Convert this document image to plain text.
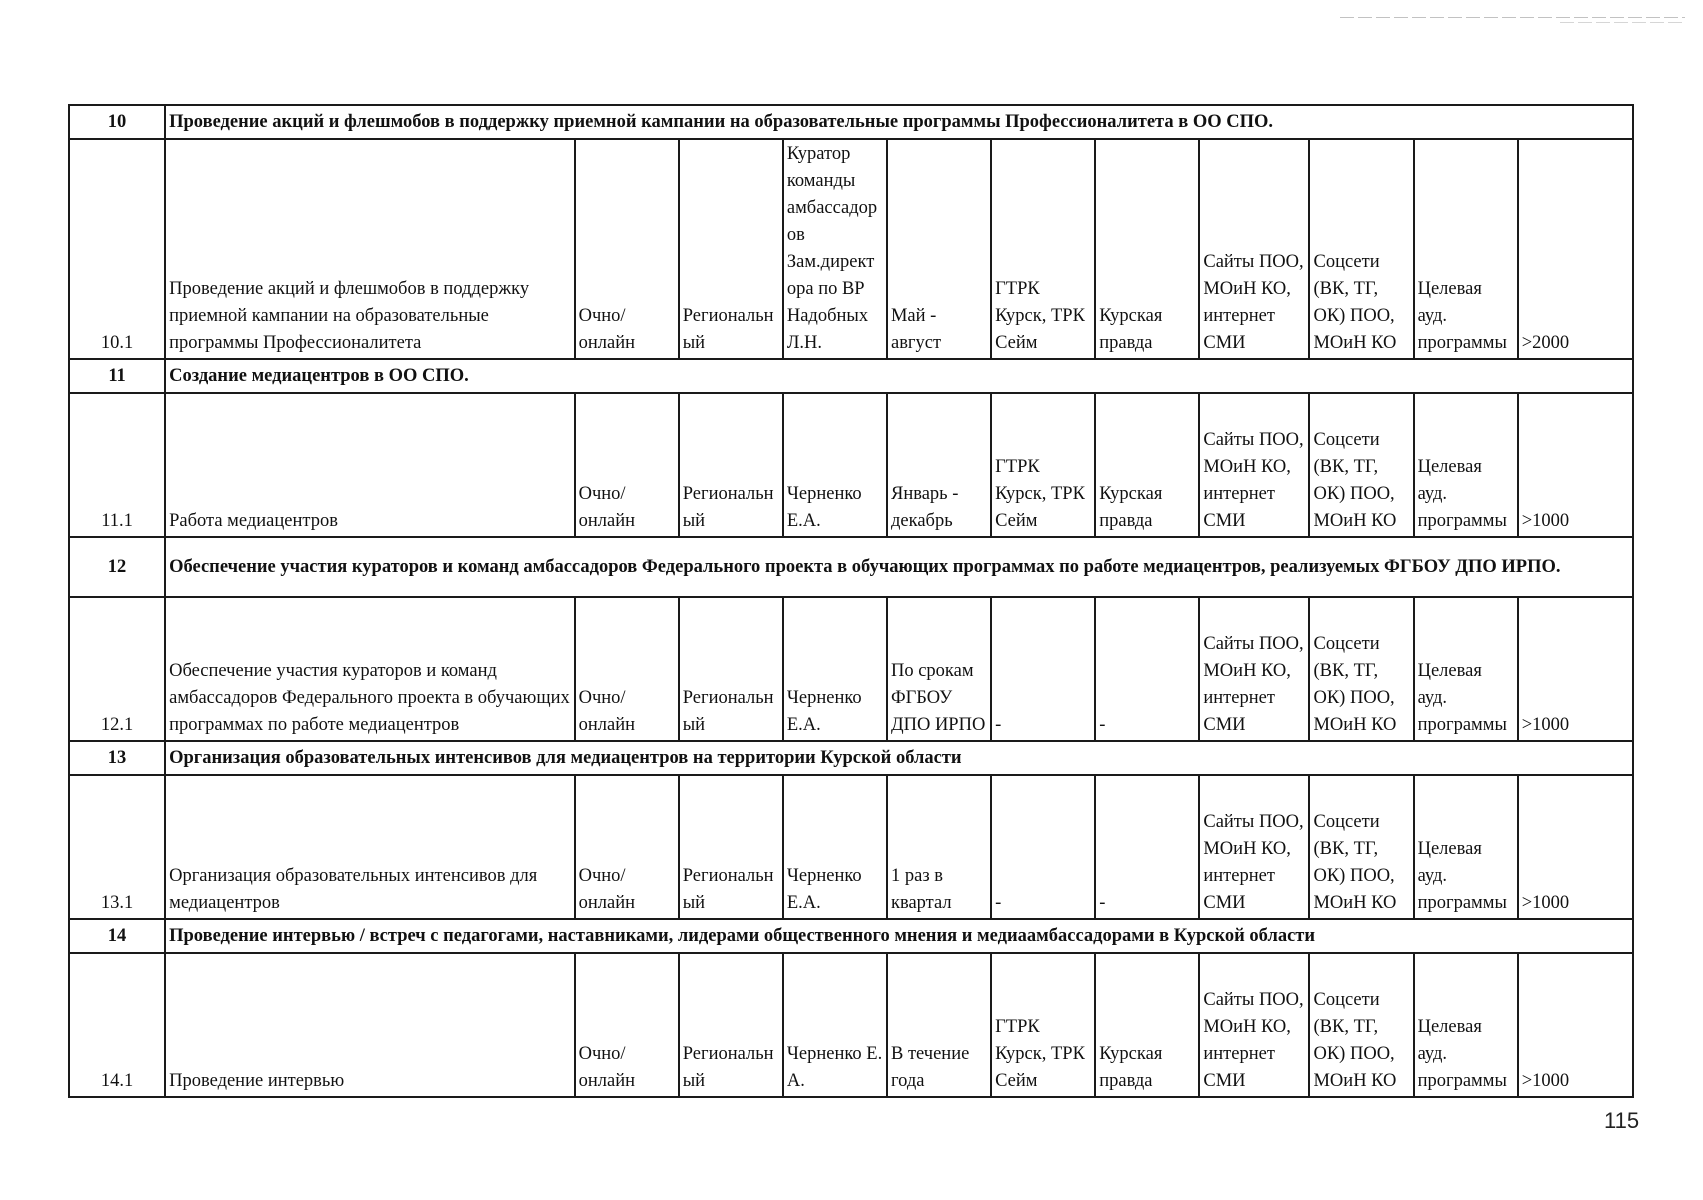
10	Проведение акций и флешмобов в поддержку приемной кампании на образовательные программы Профессионалитета в ОО СПО.										
10.1	Проведение акций и флешмобов в поддержку приемной кампании на образовательные программы Профессионалитета	Очно/онлайн	Региональный	Куратор команды амбассадоров Зам.директора по ВР Надобных Л.Н.	Май - август	ГТРК Курск, ТРК Сейм	Курская правда	Сайты ПОО, МОиН КО, интернет СМИ	Соцсети (ВК, ТГ, ОК) ПОО, МОиН КО	Целевая ауд. программы	>2000
11	Создание медиацентров в ОО СПО.										
11.1	Работа медиацентров	Очно/онлайн	Региональный	Черненко Е.А.	Январь - декабрь	ГТРК Курск, ТРК Сейм	Курская правда	Сайты ПОО, МОиН КО, интернет СМИ	Соцсети (ВК, ТГ, ОК) ПОО, МОиН КО	Целевая ауд. программы	>1000
12	Обеспечение участия кураторов и команд амбассадоров Федерального проекта в обучающих программах по работе медиацентров, реализуемых ФГБОУ ДПО ИРПО.										
12.1	Обеспечение участия кураторов и команд амбассадоров Федерального проекта в обучающих программах по работе медиацентров	Очно/онлайн	Региональный	Черненко Е.А.	По срокам ФГБОУ ДПО ИРПО	-	-	Сайты ПОО, МОиН КО, интернет СМИ	Соцсети (ВК, ТГ, ОК) ПОО, МОиН КО	Целевая ауд. программы	>1000
13	Организация образовательных интенсивов для медиацентров на территории Курской области										
13.1	Организация образовательных интенсивов для медиацентров	Очно/онлайн	Региональный	Черненко Е.А.	1 раз в квартал	-	-	Сайты ПОО, МОиН КО, интернет СМИ	Соцсети (ВК, ТГ, ОК) ПОО, МОиН КО	Целевая ауд. программы	>1000
14	Проведение интервью / встреч с педагогами, наставниками, лидерами общественного мнения и медиаамбассадорами в Курской области										
14.1	Проведение интервью	Очно/онлайн	Региональный	Черненко Е. А.	В течение года	ГТРК Курск, ТРК Сейм	Курская правда	Сайты ПОО, МОиН КО, интернет СМИ	Соцсети (ВК, ТГ, ОК) ПОО, МОиН КО	Целевая ауд. программы	>1000
115
